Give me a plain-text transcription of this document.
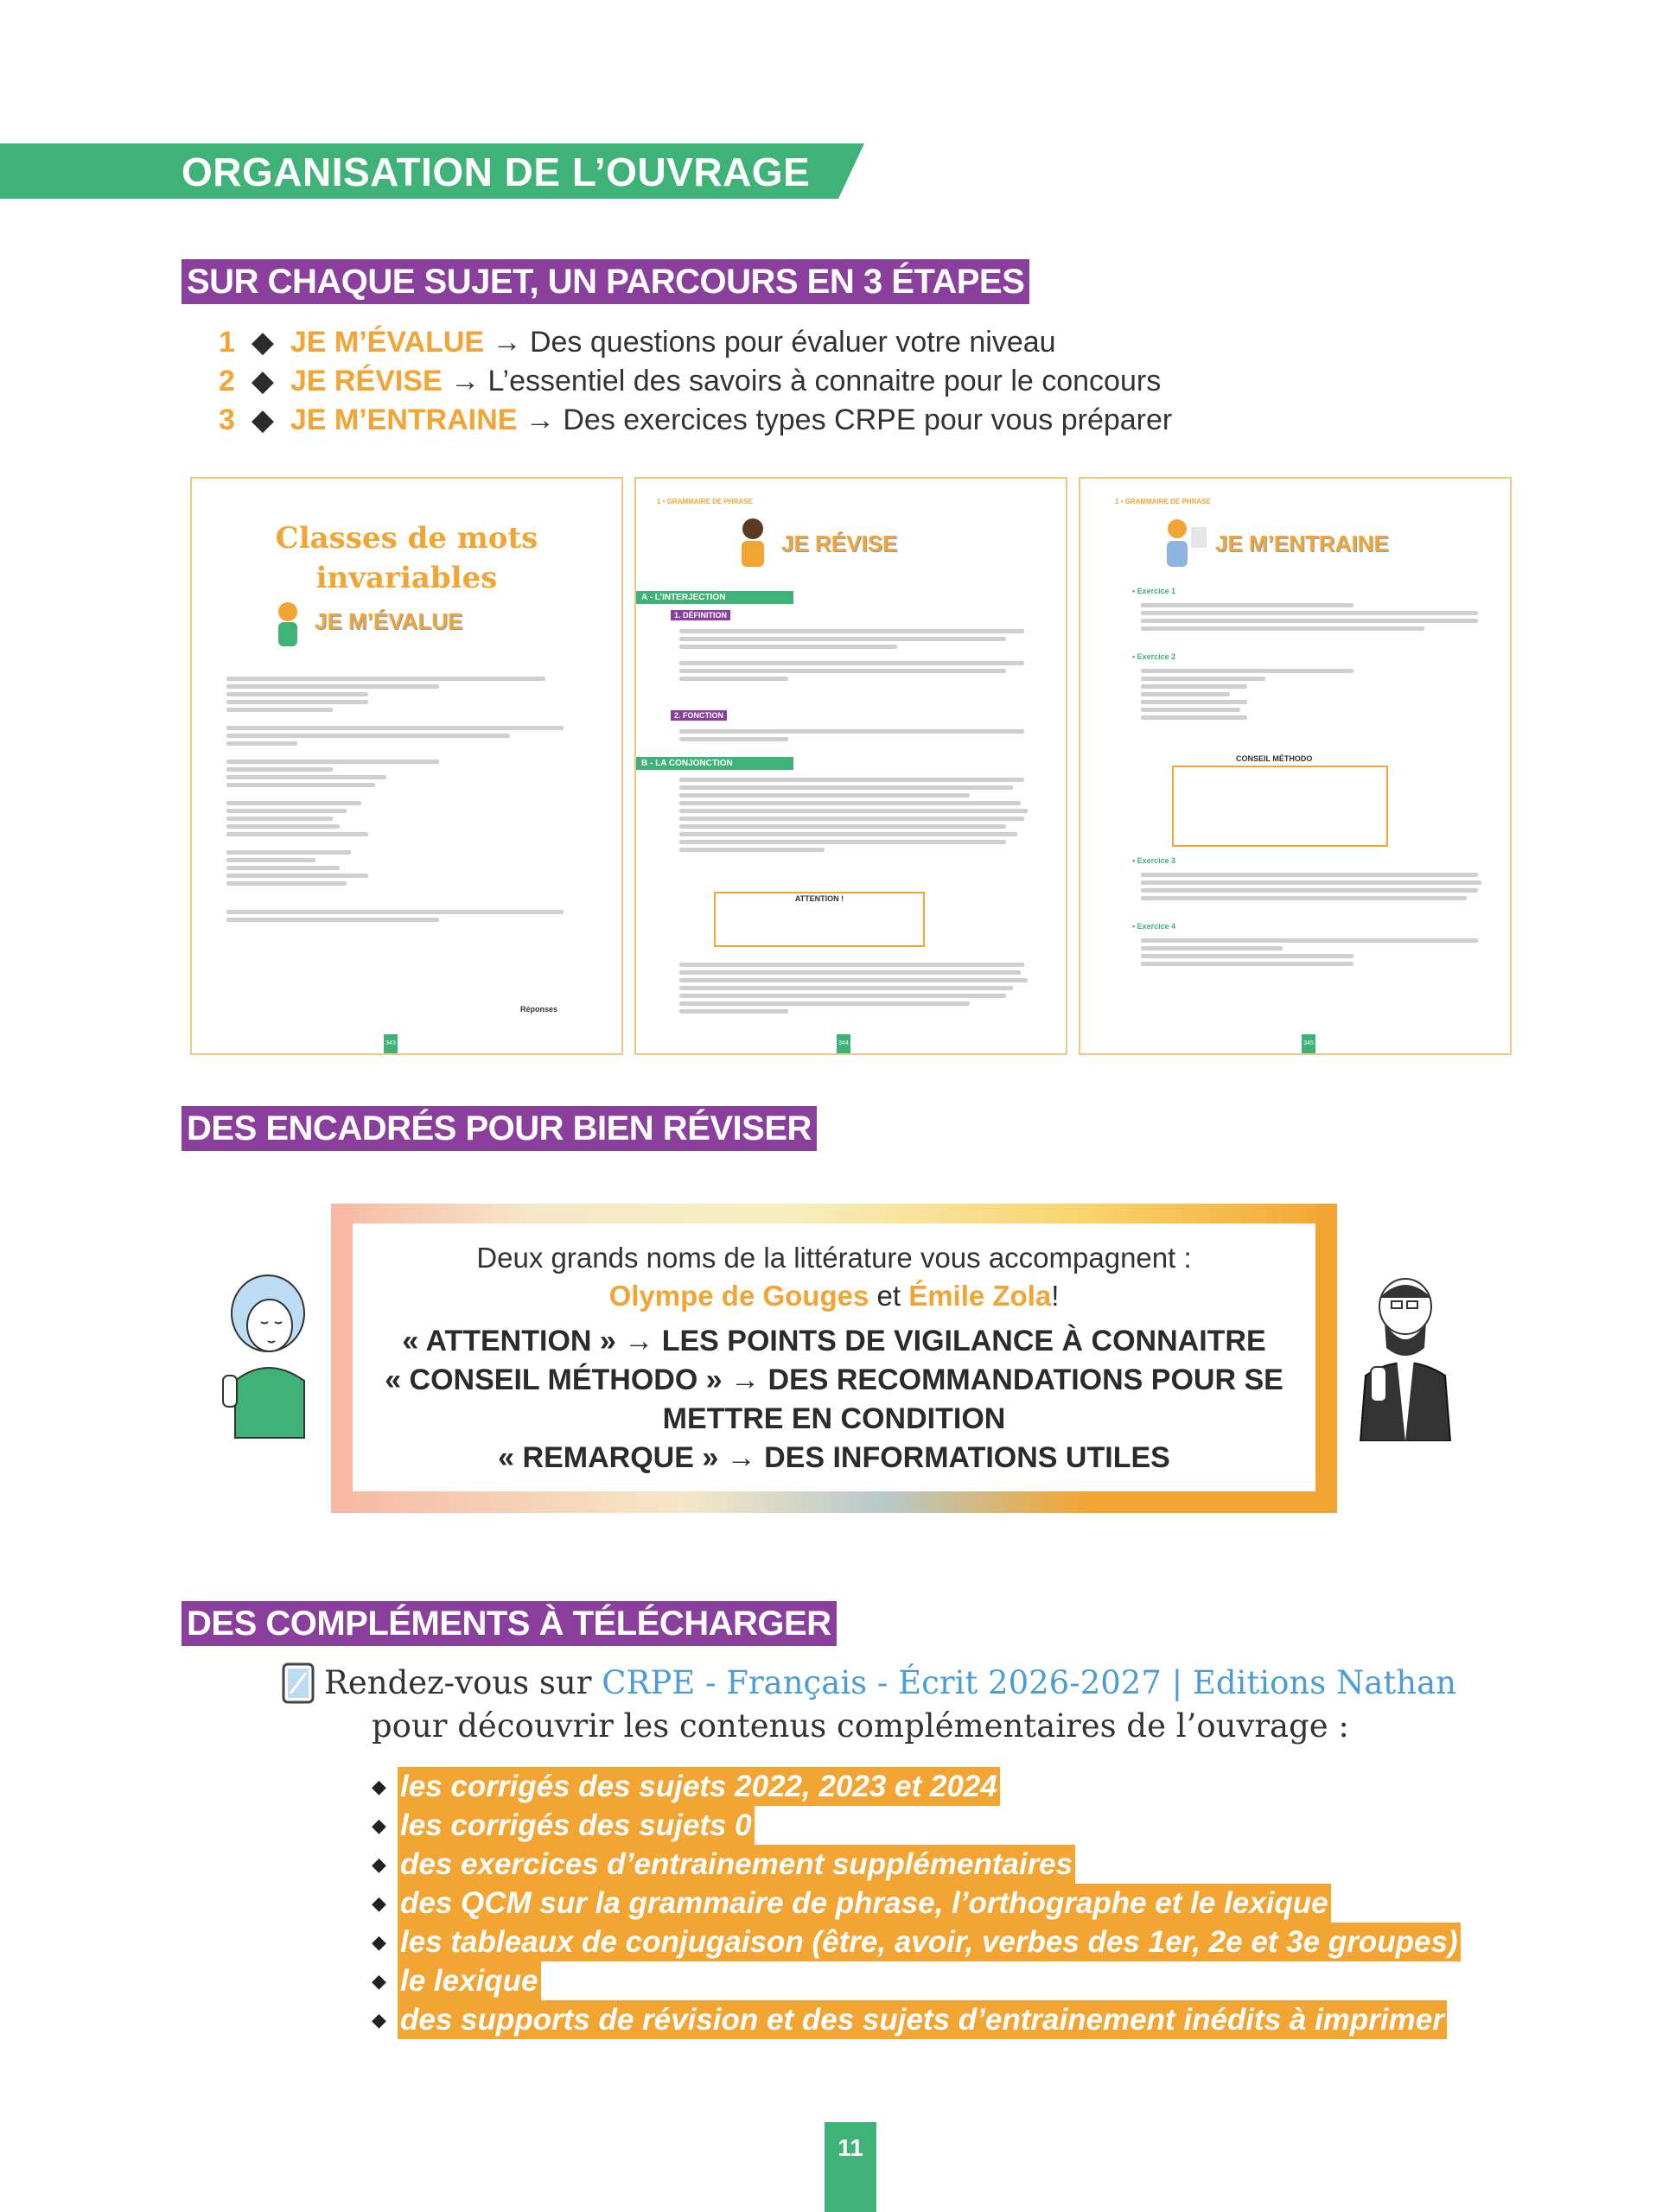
ORGANISATION DE L’OUVRAGE
SUR CHAQUE SUJET, UN PARCOURS EN 3 ÉTAPES
1  ◆  JE M’ÉVALUE → Des questions pour évaluer votre niveau
2  ◆  JE RÉVISE → L’essentiel des savoirs à connaitre pour le concours
3  ◆  JE M’ENTRAINE → Des exercices types CRPE pour vous préparer
Classes de mots
invariables
JE M’ÉVALUE
Réponses
343
1 • GRAMMAIRE DE PHRASE
JE RÉVISE
A - L’INTERJECTION
1. DÉFINITION
2. FONCTION
B - LA CONJONCTION
ATTENTION !
344
1 • GRAMMAIRE DE PHRASE
JE M’ENTRAINE
• Exercice 1
• Exercice 2
CONSEIL MÉTHODO
• Exercice 3
• Exercice 4
345
DES ENCADRÉS POUR BIEN RÉVISER
Deux grands noms de la littérature vous accompagnent :
Olympe de Gouges et Émile Zola!
« ATTENTION » → LES POINTS DE VIGILANCE À CONNAITRE
« CONSEIL MÉTHODO » → DES RECOMMANDATIONS POUR SE
METTRE EN CONDITION
« REMARQUE » → DES INFORMATIONS UTILES
DES COMPLÉMENTS À TÉLÉCHARGER
Rendez-vous sur CRPE - Français - Écrit 2026-2027 | Editions Nathan
pour découvrir les contenus complémentaires de l’ouvrage :
◆ les corrigés des sujets 2022, 2023 et 2024
◆ les corrigés des sujets 0
◆ des exercices d’entrainement supplémentaires
◆ des QCM sur la grammaire de phrase, l’orthographe et le lexique
◆ les tableaux de conjugaison (être, avoir, verbes des 1er, 2e et 3e groupes)
◆ le lexique
◆ des supports de révision et des sujets d’entrainement inédits à imprimer
11
